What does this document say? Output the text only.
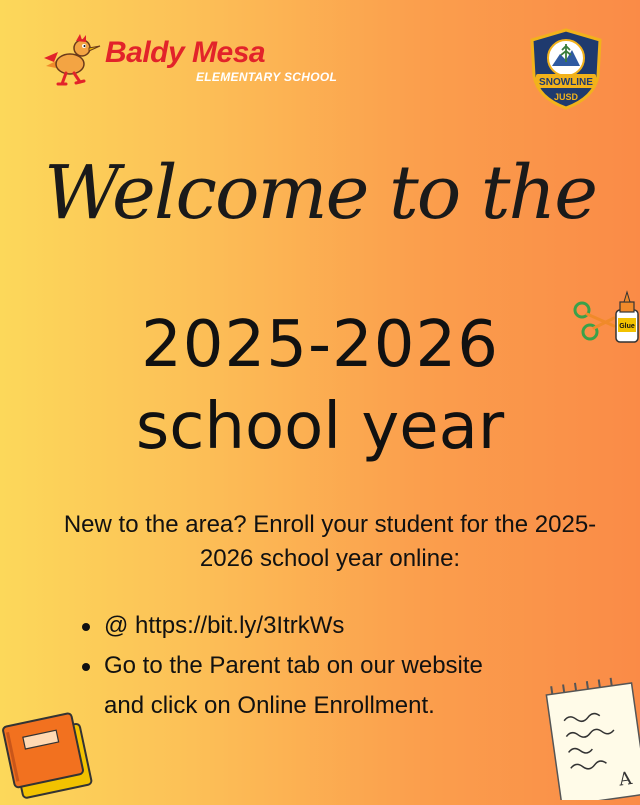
Baldy Mesa
ELEMENTARY SCHOOL	SNOWLINE
JUSD
Welcome to the
2025-2026
school year
New to the area? Enroll your student for the 2025-2026 school year online:
@ https://bit.ly/3ItrkWs
Go to the Parent tab on our website
and click on Online Enrollment.
Glue
A
